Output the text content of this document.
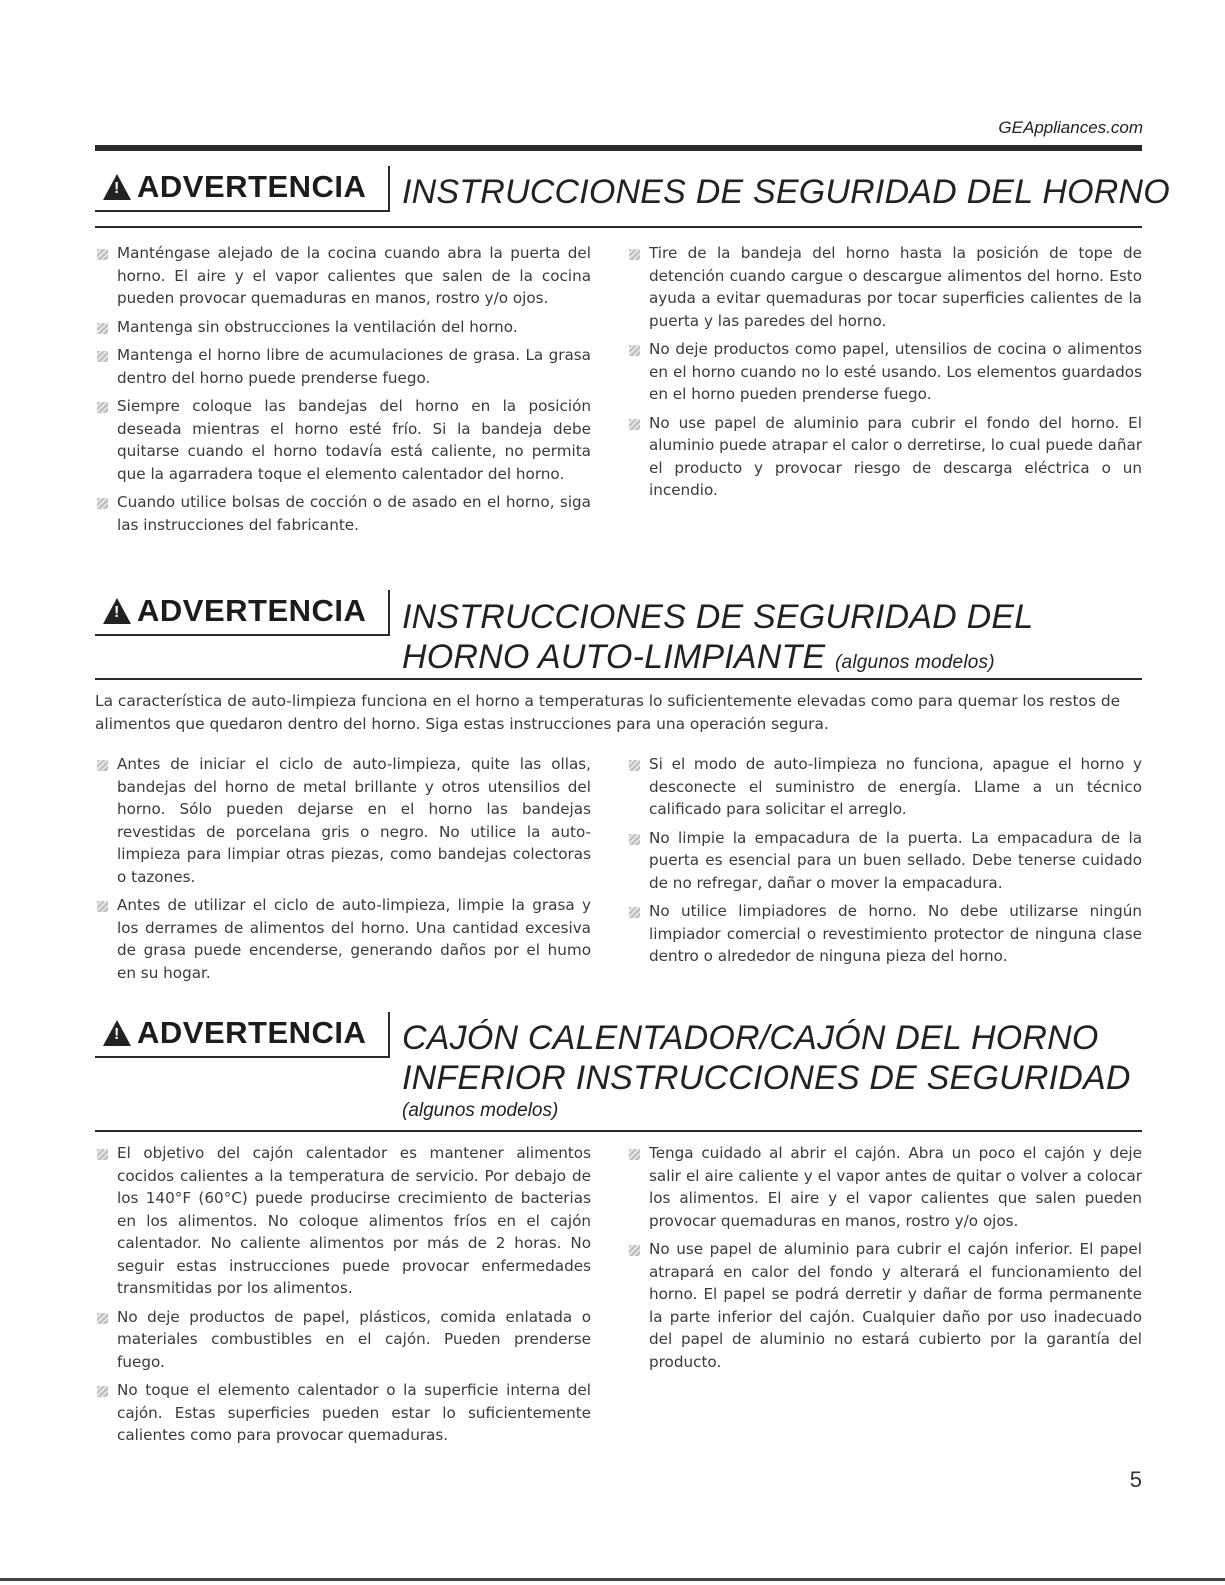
GEAppliances.com
!
ADVERTENCIA INSTRUCCIONES DE SEGURIDAD DEL HORNO
Manténgase alejado de la cocina cuando abra la puerta del horno. El aire y el vapor calientes que salen de la cocina pueden provocar quemaduras en manos, rostro y/o ojos.
Mantenga sin obstrucciones la ventilación del horno.
Mantenga el horno libre de acumulaciones de grasa. La grasa dentro del horno puede prenderse fuego.
Siempre coloque las bandejas del horno en la posición deseada mientras el horno esté frío. Si la bandeja debe quitarse cuando el horno todavía está caliente, no permita que la agarradera toque el elemento calentador del horno.
Cuando utilice bolsas de cocción o de asado en el horno, siga las instrucciones del fabricante.
Tire de la bandeja del horno hasta la posición de tope de detención cuando cargue o descargue alimentos del horno. Esto ayuda a evitar quemaduras por tocar superficies calientes de la puerta y las paredes del horno.
No deje productos como papel, utensilios de cocina o alimentos en el horno cuando no lo esté usando. Los elementos guardados en el horno pueden prenderse fuego.
No use papel de aluminio para cubrir el fondo del horno. El aluminio puede atrapar el calor o derretirse, lo cual puede dañar el producto y provocar riesgo de descarga eléctrica o un incendio.
!
ADVERTENCIA INSTRUCCIONES DE SEGURIDAD DEL
HORNO AUTO-LIMPIANTE (algunos modelos)
La característica de auto-limpieza funciona en el horno a temperaturas lo suficientemente elevadas como para quemar los restos de alimentos que quedaron dentro del horno. Siga estas instrucciones para una operación segura.
Antes de iniciar el ciclo de auto-limpieza, quite las ollas, bandejas del horno de metal brillante y otros utensilios del horno. Sólo pueden dejarse en el horno las bandejas revestidas de porcelana gris o negro. No utilice la auto-limpieza para limpiar otras piezas, como bandejas colectoras o tazones.
Antes de utilizar el ciclo de auto-limpieza, limpie la grasa y los derrames de alimentos del horno. Una cantidad excesiva de grasa puede encenderse, generando daños por el humo en su hogar.
Si el modo de auto-limpieza no funciona, apague el horno y desconecte el suministro de energía. Llame a un técnico calificado para solicitar el arreglo.
No limpie la empacadura de la puerta. La empacadura de la puerta es esencial para un buen sellado. Debe tenerse cuidado de no refregar, dañar o mover la empacadura.
No utilice limpiadores de horno. No debe utilizarse ningún limpiador comercial o revestimiento protector de ninguna clase dentro o alrededor de ninguna pieza del horno.
!
ADVERTENCIA CAJÓN CALENTADOR/CAJÓN DEL HORNO
INFERIOR INSTRUCCIONES DE SEGURIDAD
(algunos modelos)
El objetivo del cajón calentador es mantener alimentos cocidos calientes a la temperatura de servicio. Por debajo de los 140°F (60°C) puede producirse crecimiento de bacterias en los alimentos. No coloque alimentos fríos en el cajón calentador. No caliente alimentos por más de 2 horas. No seguir estas instrucciones puede provocar enfermedades transmitidas por los alimentos.
No deje productos de papel, plásticos, comida enlatada o materiales combustibles en el cajón. Pueden prenderse fuego.
No toque el elemento calentador o la superficie interna del cajón. Estas superficies pueden estar lo suficientemente calientes como para provocar quemaduras.
Tenga cuidado al abrir el cajón. Abra un poco el cajón y deje salir el aire caliente y el vapor antes de quitar o volver a colocar los alimentos. El aire y el vapor calientes que salen pueden provocar quemaduras en manos, rostro y/o ojos.
No use papel de aluminio para cubrir el cajón inferior. El papel atrapará en calor del fondo y alterará el funcionamiento del horno. El papel se podrá derretir y dañar de forma permanente la parte inferior del cajón. Cualquier daño por uso inadecuado del papel de aluminio no estará cubierto por la garantía del producto.
5
